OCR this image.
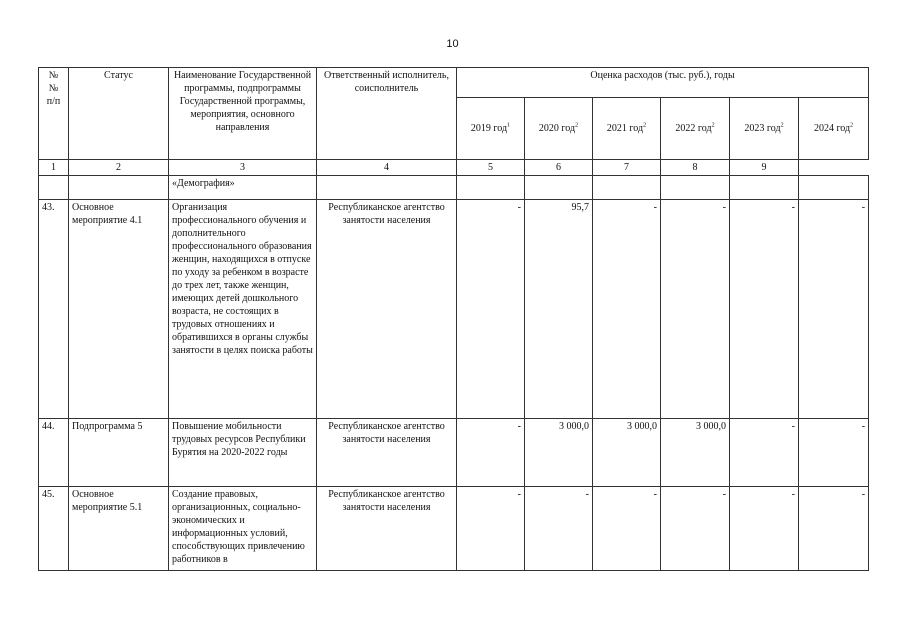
10
№
№
п/п	Статус	Наименование Государственной программы, подпрограммы Государственной программы, мероприятия, основного направления	Ответственный исполнитель, соисполнитель	Оценка расходов (тыс. руб.), годы					
				2019 год$^1$	2020 год$^2$	2021 год$^2$	2022 год$^2$	2023 год$^2$	2024 год$^2$
1	2	3	4	5	6	7	8	9	
		«Демография»							
43.	Основное мероприятие 4.1	Организация профессионального обучения и дополнительного профессионального образования женщин, находящихся в отпуске по уходу за ребенком в возрасте до трех лет, также женщин, имеющих детей дошкольного возраста, не состоящих в трудовых отношениях и обратившихся в органы службы занятости в целях поиска работы	Республиканское агентство занятости населения	-	95,7	-	-	-	-
44.	Подпрограмма 5	Повышение мобильности трудовых ресурсов Республики Бурятия на 2020-2022 годы	Республиканское агентство занятости населения	-	3 000,0	3 000,0	3 000,0	-	-
45.	Основное мероприятие 5.1	Создание правовых, организационных, социально-экономических и информационных условий, способствующих привлечению работников в	Республиканское агентство занятости населения	-	-	-	-	-	-
